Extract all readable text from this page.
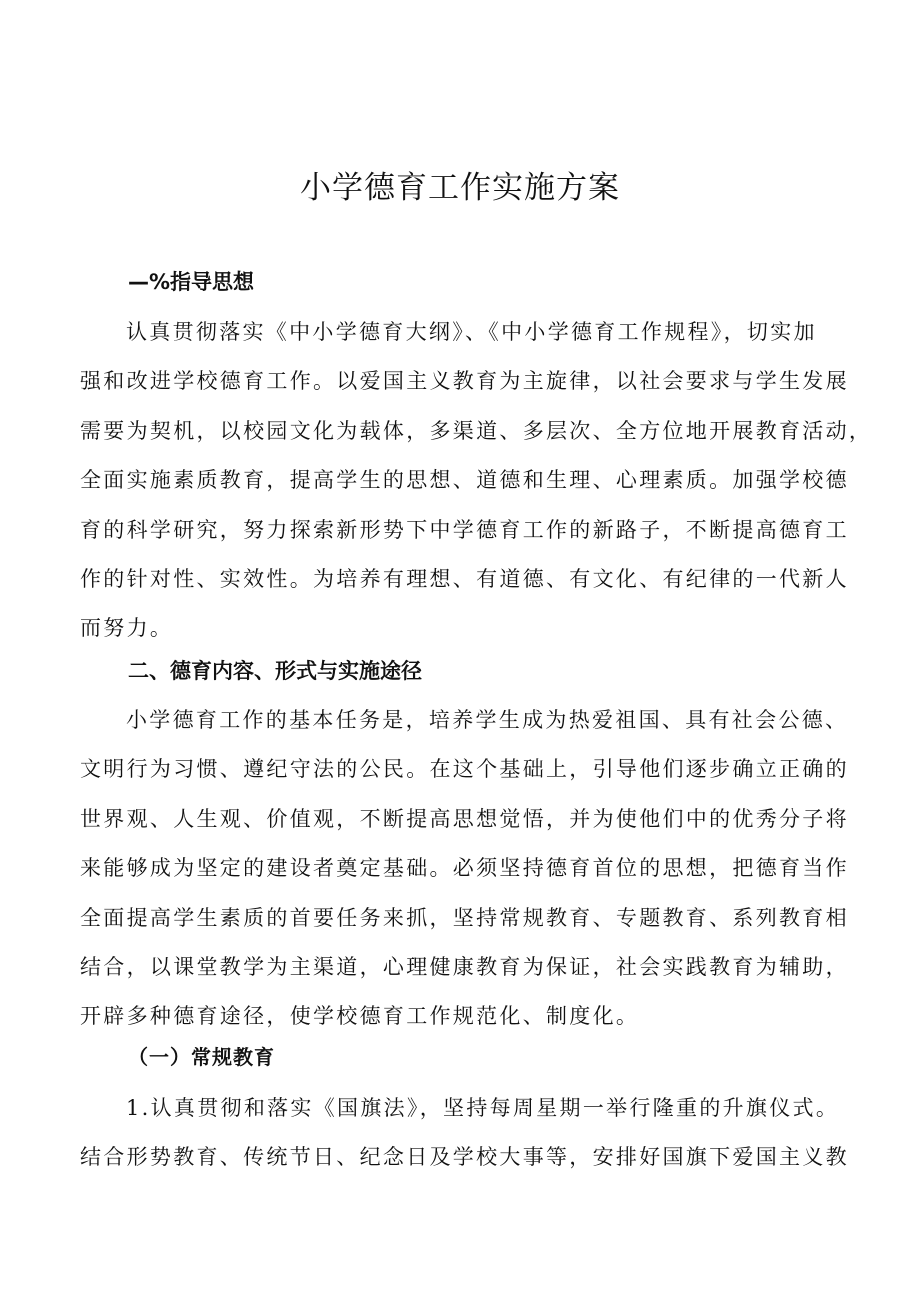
小学德育工作实施方案
—%指导思想
认真贯彻落实《中小学德育大纲》、《中小学德育工作规程》，切实加
强和改进学校德育工作。以爱国主义教育为主旋律，以社会要求与学生发展
需要为契机，以校园文化为载体，多渠道、多层次、全方位地开展教育活动，
全面实施素质教育，提高学生的思想、道德和生理、心理素质。加强学校德
育的科学研究，努力探索新形势下中学德育工作的新路子，不断提高德育工
作的针对性、实效性。为培养有理想、有道德、有文化、有纪律的一代新人
而努力。
二、德育内容、形式与实施途径
小学德育工作的基本任务是，培养学生成为热爱祖国、具有社会公德、
文明行为习惯、遵纪守法的公民。在这个基础上，引导他们逐步确立正确的
世界观、人生观、价值观，不断提高思想觉悟，并为使他们中的优秀分子将
来能够成为坚定的建设者奠定基础。必须坚持德育首位的思想，把德育当作
全面提高学生素质的首要任务来抓，坚持常规教育、专题教育、系列教育相
结合，以课堂教学为主渠道，心理健康教育为保证，社会实践教育为辅助，
开辟多种德育途径，使学校德育工作规范化、制度化。
（一）常规教育
1.认真贯彻和落实《国旗法》，坚持每周星期一举行隆重的升旗仪式。
结合形势教育、传统节日、纪念日及学校大事等，安排好国旗下爱国主义教
